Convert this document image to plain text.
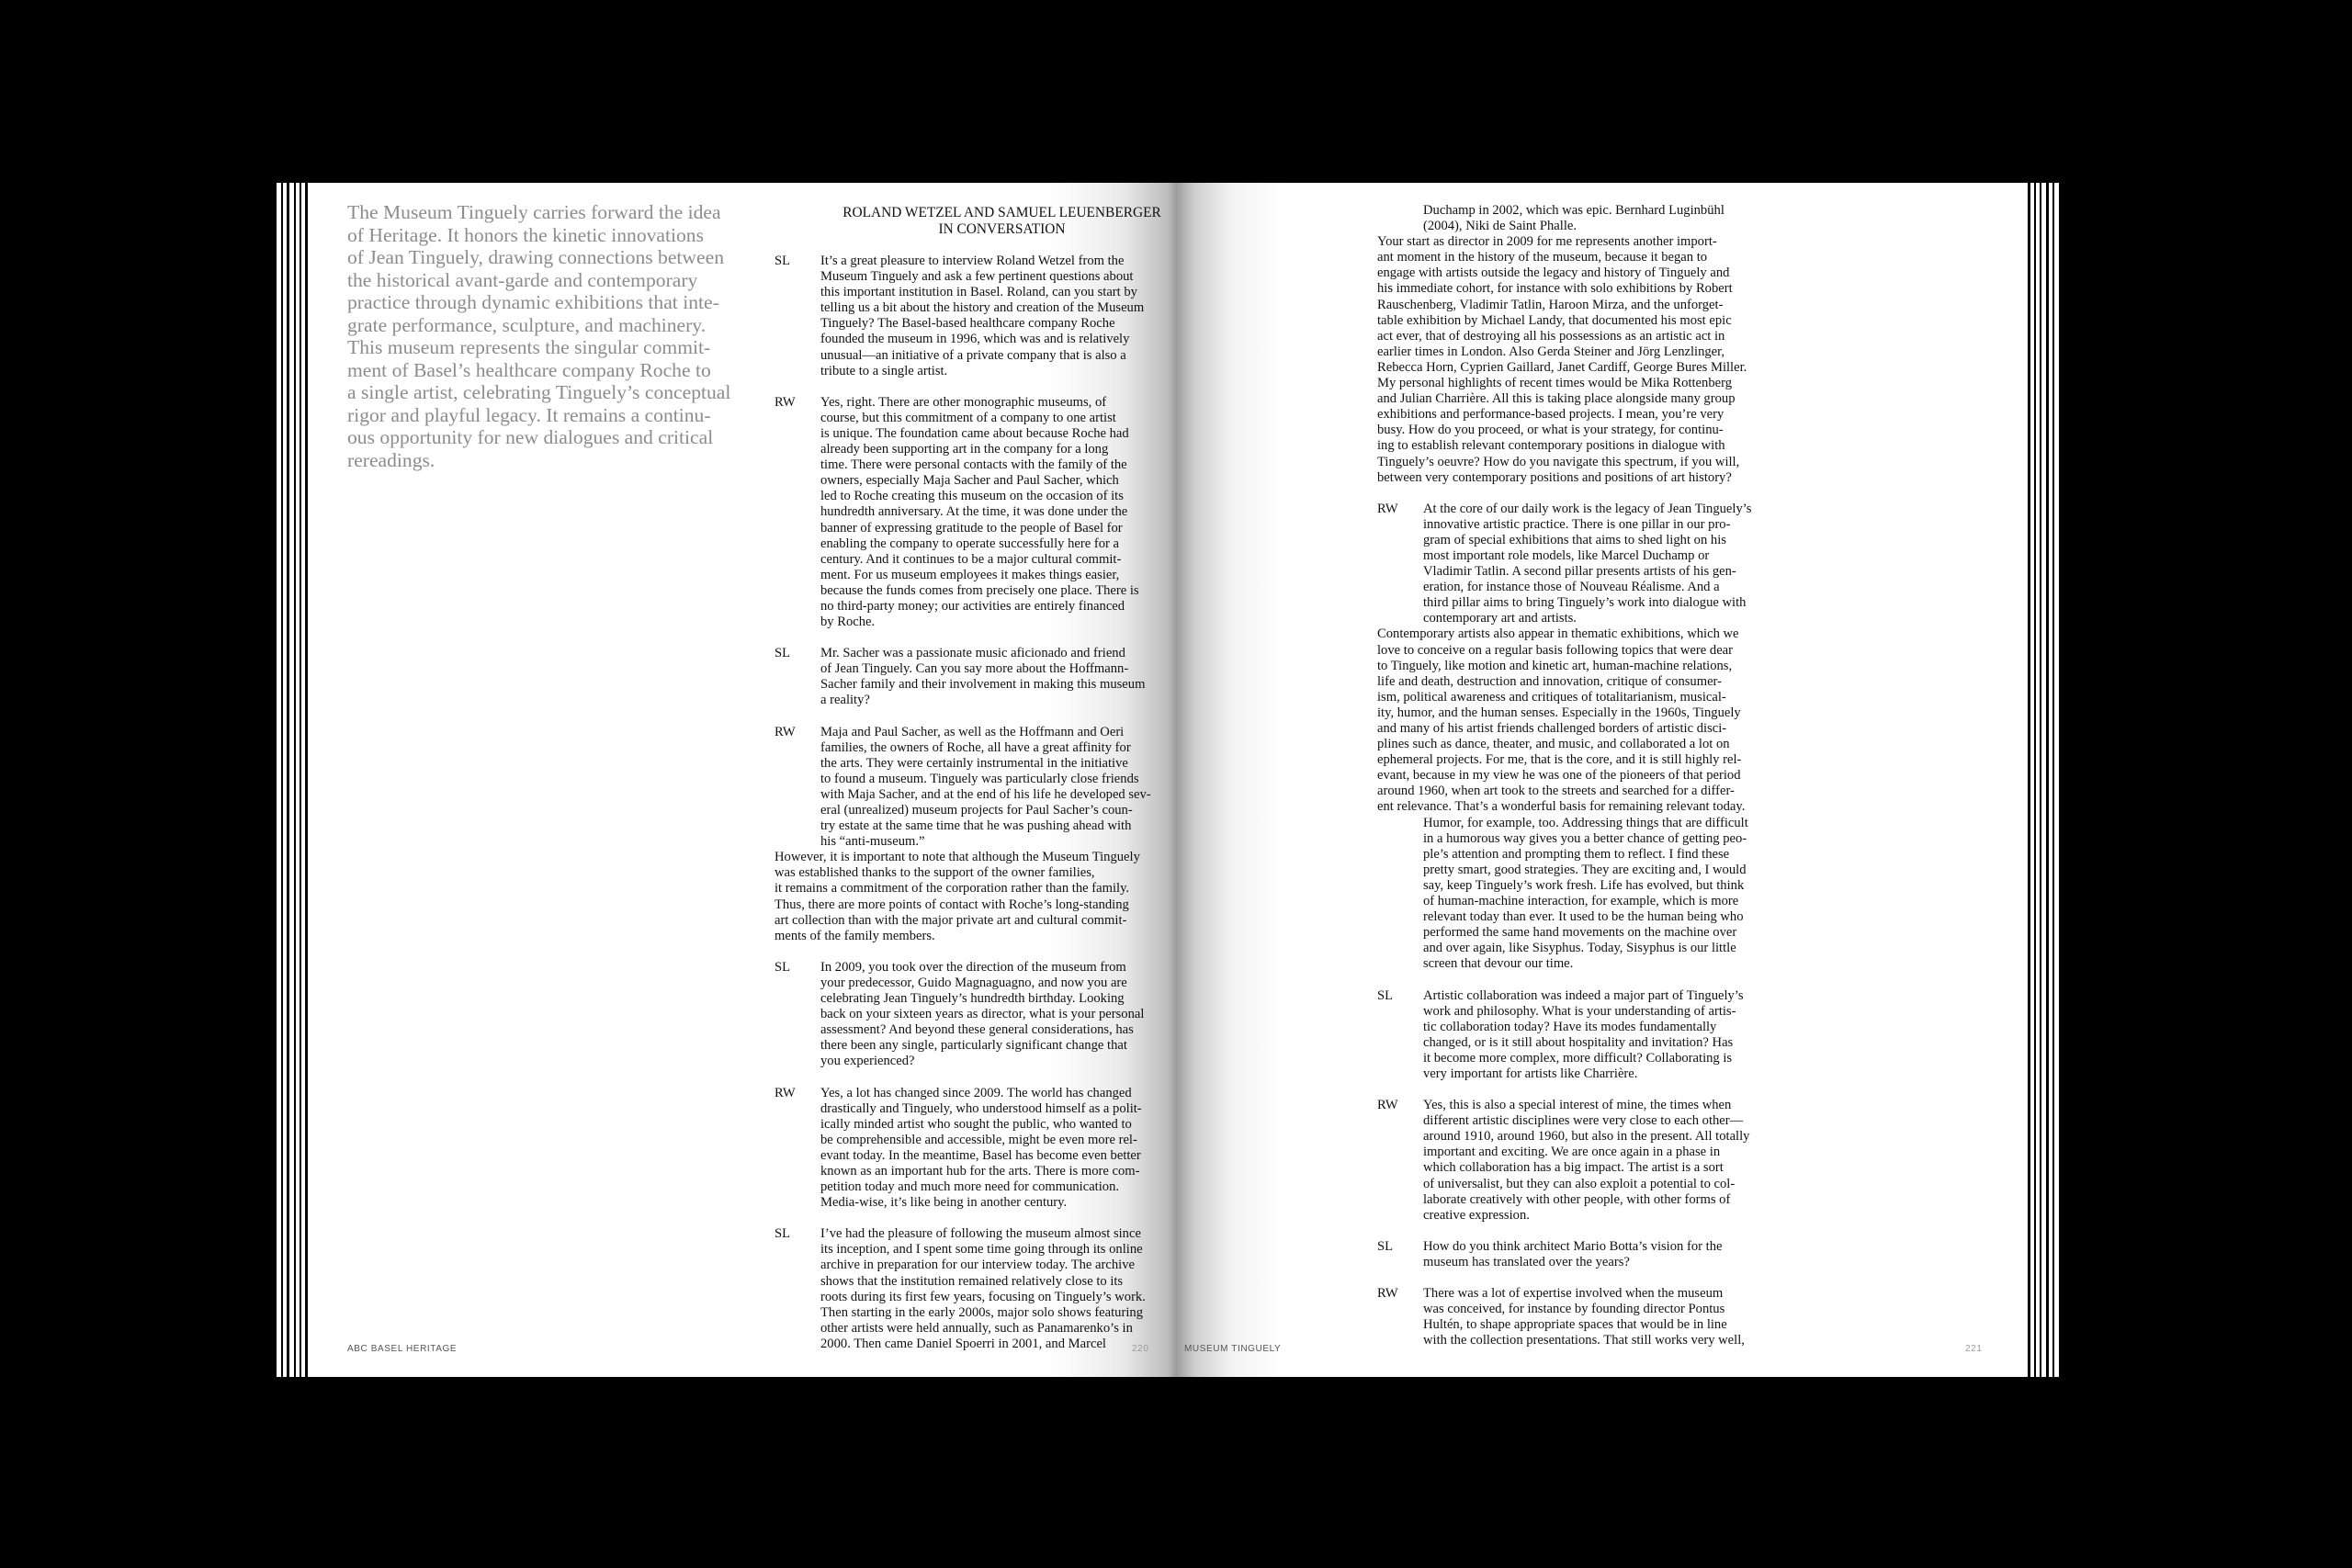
The Museum Tinguely carries forward the idea
of Heritage. It honors the kinetic innovations
of Jean Tinguely, drawing connections between
the historical avant-garde and contemporary
practice through dynamic exhibitions that inte-
grate performance, sculpture, and machinery.
This museum represents the singular commit-
ment of Basel’s healthcare company Roche to
a single artist, celebrating Tinguely’s conceptual
rigor and playful legacy. It remains a continu-
ous opportunity for new dialogues and critical
rereadings.
ROLAND WETZEL AND SAMUEL LEUENBERGER
IN CONVERSATION
SL	It’s a great pleasure to interview Roland Wetzel from the
Museum Tinguely and ask a few pertinent questions about
this important institution in Basel. Roland, can you start by
telling us a bit about the history and creation of the Museum
Tinguely? The Basel-based healthcare company Roche
founded the museum in 1996, which was and is relatively
unusual—an initiative of a private company that is also a
tribute to a single artist.
RW	Yes, right. There are other monographic museums, of
course, but this commitment of a company to one artist
is unique. The foundation came about because Roche had
already been supporting art in the company for a long
time. There were personal contacts with the family of the
owners, especially Maja Sacher and Paul Sacher, which
led to Roche creating this museum on the occasion of its
hundredth anniversary. At the time, it was done under the
banner of expressing gratitude to the people of Basel for
enabling the company to operate successfully here for a
century. And it continues to be a major cultural commit-
ment. For us museum employees it makes things easier,
because the funds comes from precisely one place. There is
no third-party money; our activities are entirely financed
by Roche.
SL	Mr. Sacher was a passionate music aficionado and friend
of Jean Tinguely. Can you say more about the Hoffmann-
Sacher family and their involvement in making this museum
a reality?
RW	Maja and Paul Sacher, as well as the Hoffmann and Oeri
families, the owners of Roche, all have a great affinity for
the arts. They were certainly instrumental in the initiative
to found a museum. Tinguely was particularly close friends
with Maja Sacher, and at the end of his life he developed sev-
eral (unrealized) museum projects for Paul Sacher’s coun-
try estate at the same time that he was pushing ahead with
his “anti-museum.”
However, it is important to note that although the Museum Tinguely
was established thanks to the support of the owner families,
it remains a commitment of the corporation rather than the family.
Thus, there are more points of contact with Roche’s long-standing
art collection than with the major private art and cultural commit-
ments of the family members.
SL	In 2009, you took over the direction of the museum from
your predecessor, Guido Magnaguagno, and now you are
celebrating Jean Tinguely’s hundredth birthday. Looking
back on your sixteen years as director, what is your personal
assessment? And beyond these general considerations, has
there been any single, particularly significant change that
you experienced?
RW	Yes, a lot has changed since 2009. The world has changed
drastically and Tinguely, who understood himself as a polit-
ically minded artist who sought the public, who wanted to
be comprehensible and accessible, might be even more rel-
evant today. In the meantime, Basel has become even better
known as an important hub for the arts. There is more com-
petition today and much more need for communication.
Media-wise, it’s like being in another century.
SL	I’ve had the pleasure of following the museum almost since
its inception, and I spent some time going through its online
archive in preparation for our interview today. The archive
shows that the institution remained relatively close to its
roots during its first few years, focusing on Tinguely’s work.
Then starting in the early 2000s, major solo shows featuring
other artists were held annually, such as Panamarenko’s in
2000. Then came Daniel Spoerri in 2001, and Marcel
ABC BASEL HERITAGE	220
Duchamp in 2002, which was epic. Bernhard Luginbühl
(2004), Niki de Saint Phalle.
Your start as director in 2009 for me represents another import-
ant moment in the history of the museum, because it began to
engage with artists outside the legacy and history of Tinguely and
his immediate cohort, for instance with solo exhibitions by Robert
Rauschenberg, Vladimir Tatlin, Haroon Mirza, and the unforget-
table exhibition by Michael Landy, that documented his most epic
act ever, that of destroying all his possessions as an artistic act in
earlier times in London. Also Gerda Steiner and Jörg Lenzlinger,
Rebecca Horn, Cyprien Gaillard, Janet Cardiff, George Bures Miller.
My personal highlights of recent times would be Mika Rottenberg
and Julian Charrière. All this is taking place alongside many group
exhibitions and performance-based projects. I mean, you’re very
busy. How do you proceed, or what is your strategy, for continu-
ing to establish relevant contemporary positions in dialogue with
Tinguely’s oeuvre? How do you navigate this spectrum, if you will,
between very contemporary positions and positions of art history?
RW	At the core of our daily work is the legacy of Jean Tinguely’s
innovative artistic practice. There is one pillar in our pro-
gram of special exhibitions that aims to shed light on his
most important role models, like Marcel Duchamp or
Vladimir Tatlin. A second pillar presents artists of his gen-
eration, for instance those of Nouveau Réalisme. And a
third pillar aims to bring Tinguely’s work into dialogue with
contemporary art and artists.
Contemporary artists also appear in thematic exhibitions, which we
love to conceive on a regular basis following topics that were dear
to Tinguely, like motion and kinetic art, human-machine relations,
life and death, destruction and innovation, critique of consumer-
ism, political awareness and critiques of totalitarianism, musical-
ity, humor, and the human senses. Especially in the 1960s, Tinguely
and many of his artist friends challenged borders of artistic disci-
plines such as dance, theater, and music, and collaborated a lot on
ephemeral projects. For me, that is the core, and it is still highly rel-
evant, because in my view he was one of the pioneers of that period
around 1960, when art took to the streets and searched for a differ-
ent relevance. That’s a wonderful basis for remaining relevant today.
Humor, for example, too. Addressing things that are difficult
in a humorous way gives you a better chance of getting peo-
ple’s attention and prompting them to reflect. I find these
pretty smart, good strategies. They are exciting and, I would
say, keep Tinguely’s work fresh. Life has evolved, but think
of human-machine interaction, for example, which is more
relevant today than ever. It used to be the human being who
performed the same hand movements on the machine over
and over again, like Sisyphus. Today, Sisyphus is our little
screen that devour our time.
SL	Artistic collaboration was indeed a major part of Tinguely’s
work and philosophy. What is your understanding of artis-
tic collaboration today? Have its modes fundamentally
changed, or is it still about hospitality and invitation? Has
it become more complex, more difficult? Collaborating is
very important for artists like Charrière.
RW	Yes, this is also a special interest of mine, the times when
different artistic disciplines were very close to each other—
around 1910, around 1960, but also in the present. All totally
important and exciting. We are once again in a phase in
which collaboration has a big impact. The artist is a sort
of universalist, but they can also exploit a potential to col-
laborate creatively with other people, with other forms of
creative expression.
SL	How do you think architect Mario Botta’s vision for the
museum has translated over the years?
RW	There was a lot of expertise involved when the museum
was conceived, for instance by founding director Pontus
Hultén, to shape appropriate spaces that would be in line
with the collection presentations. That still works very well,
MUSEUM TINGUELY	221
